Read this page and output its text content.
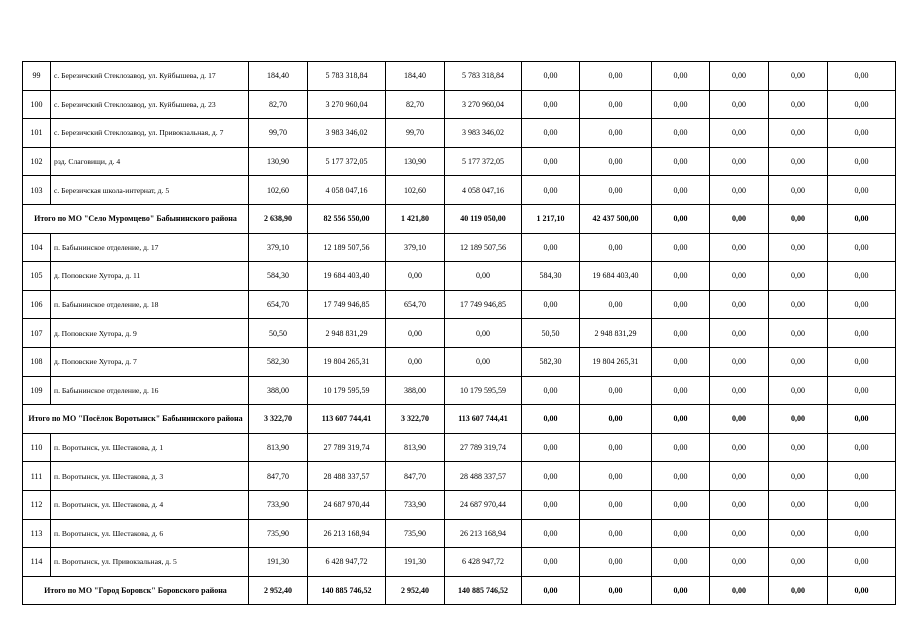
99	с. Березичский Стеклозавод, ул. Куйбышева, д. 17	184,40	5 783 318,84	184,40	5 783 318,84	0,00	0,00	0,00	0,00	0,00	0,00
100	с. Березичский Стеклозавод, ул. Куйбышева, д. 23	82,70	3 270 960,04	82,70	3 270 960,04	0,00	0,00	0,00	0,00	0,00	0,00
101	с. Березичский Стеклозавод, ул. Привокзальная, д. 7	99,70	3 983 346,02	99,70	3 983 346,02	0,00	0,00	0,00	0,00	0,00	0,00
102	рзд. Слаговищи, д. 4	130,90	5 177 372,05	130,90	5 177 372,05	0,00	0,00	0,00	0,00	0,00	0,00
103	с. Березичская школа-интернат, д. 5	102,60	4 058 047,16	102,60	4 058 047,16	0,00	0,00	0,00	0,00	0,00	0,00
Итого по МО "Село Муромцево" Бабынинского района		2 638,90	82 556 550,00	1 421,80	40 119 050,00	1 217,10	42 437 500,00	0,00	0,00	0,00	0,00
104	п. Бабынинское отделение, д. 17	379,10	12 189 507,56	379,10	12 189 507,56	0,00	0,00	0,00	0,00	0,00	0,00
105	д. Поповские Хутора, д. 11	584,30	19 684 403,40	0,00	0,00	584,30	19 684 403,40	0,00	0,00	0,00	0,00
106	п. Бабынинское отделение, д. 18	654,70	17 749 946,85	654,70	17 749 946,85	0,00	0,00	0,00	0,00	0,00	0,00
107	д. Поповские Хутора, д. 9	50,50	2 948 831,29	0,00	0,00	50,50	2 948 831,29	0,00	0,00	0,00	0,00
108	д. Поповские Хутора, д. 7	582,30	19 804 265,31	0,00	0,00	582,30	19 804 265,31	0,00	0,00	0,00	0,00
109	п. Бабынинское отделение, д. 16	388,00	10 179 595,59	388,00	10 179 595,59	0,00	0,00	0,00	0,00	0,00	0,00
Итого по МО "Посёлок Воротынск" Бабынинского района		3 322,70	113 607 744,41	3 322,70	113 607 744,41	0,00	0,00	0,00	0,00	0,00	0,00
110	п. Воротынск, ул. Шестакова, д. 1	813,90	27 789 319,74	813,90	27 789 319,74	0,00	0,00	0,00	0,00	0,00	0,00
111	п. Воротынск, ул. Шестакова, д. 3	847,70	28 488 337,57	847,70	28 488 337,57	0,00	0,00	0,00	0,00	0,00	0,00
112	п. Воротынск, ул. Шестакова, д. 4	733,90	24 687 970,44	733,90	24 687 970,44	0,00	0,00	0,00	0,00	0,00	0,00
113	п. Воротынск, ул. Шестакова, д. 6	735,90	26 213 168,94	735,90	26 213 168,94	0,00	0,00	0,00	0,00	0,00	0,00
114	п. Воротынск, ул. Привокзальная, д. 5	191,30	6 428 947,72	191,30	6 428 947,72	0,00	0,00	0,00	0,00	0,00	0,00
Итого по МО "Город Боровск" Боровского района		2 952,40	140 885 746,52	2 952,40	140 885 746,52	0,00	0,00	0,00	0,00	0,00	0,00
